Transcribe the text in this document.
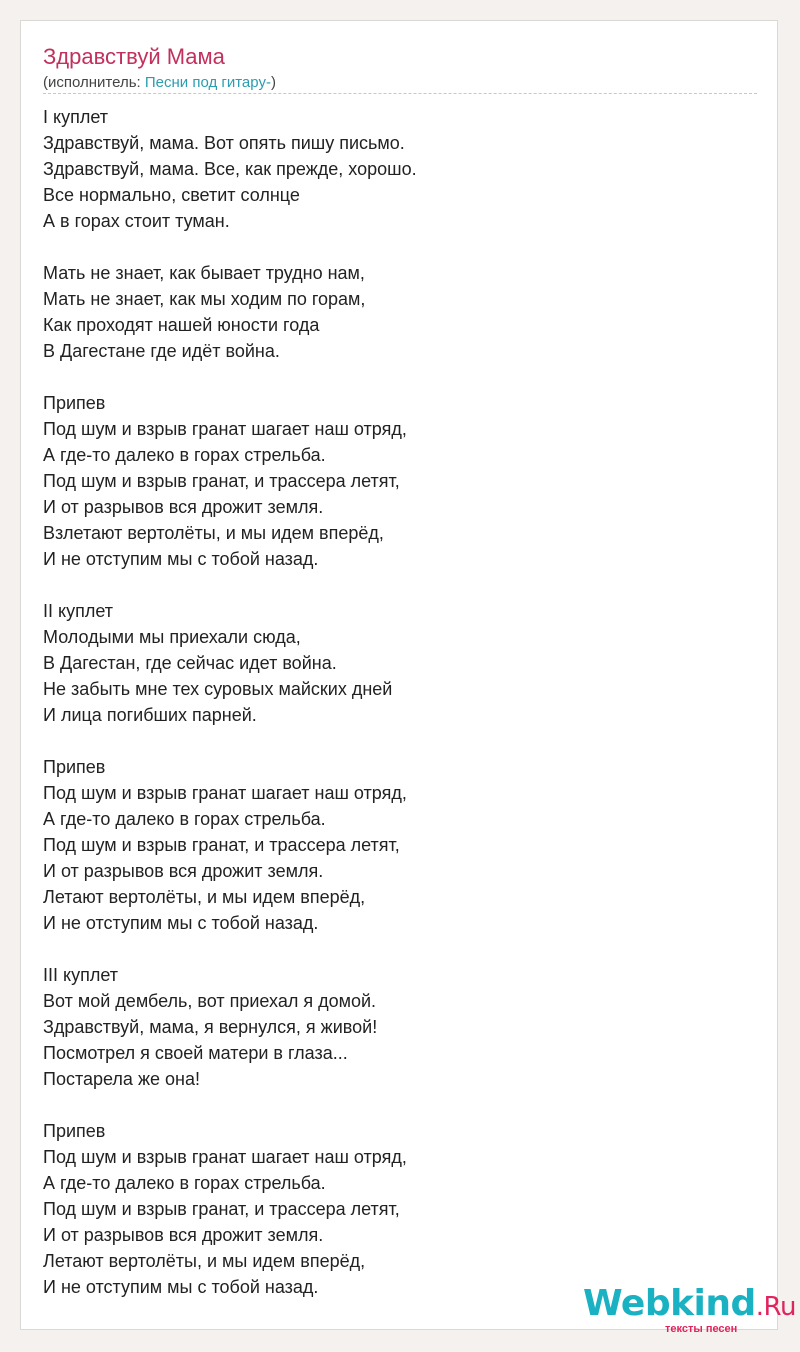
Здравствуй Мама
(исполнитель: Песни под гитару-)
I куплет
Здравствуй, мама. Вот опять пишу письмо.
Здравствуй, мама. Все, как прежде, хорошо.
Все нормально, светит солнце
А в горах стоит туман.
Мать не знает, как бывает трудно нам,
Мать не знает, как мы ходим по горам,
Как проходят нашей юности года
В Дагестане где идёт война.
Припев
Под шум и взрыв гранат шагает наш отряд,
А где-то далеко в горах стрельба.
Под шум и взрыв гранат, и трассера летят,
И от разрывов вся дрожит земля.
Взлетают вертолёты, и мы идем вперёд,
И не отступим мы с тобой назад.
II куплет
Молодыми мы приехали сюда,
В Дагестан, где сейчас идет война.
Не забыть мне тех суровых майских дней
И лица погибших парней.
Припев
Под шум и взрыв гранат шагает наш отряд,
А где-то далеко в горах стрельба.
Под шум и взрыв гранат, и трассера летят,
И от разрывов вся дрожит земля.
Летают вертолёты, и мы идем вперёд,
И не отступим мы с тобой назад.
III куплет
Вот мой дембель, вот приехал я домой.
Здравствуй, мама, я вернулся, я живой!
Посмотрел я своей матери в глаза...
Постарела же она!
Припев
Под шум и взрыв гранат шагает наш отряд,
А где-то далеко в горах стрельба.
Под шум и взрыв гранат, и трассера летят,
И от разрывов вся дрожит земля.
Летают вертолёты, и мы идем вперёд,
И не отступим мы с тобой назад.	Webkind.Ru
тексты песен
